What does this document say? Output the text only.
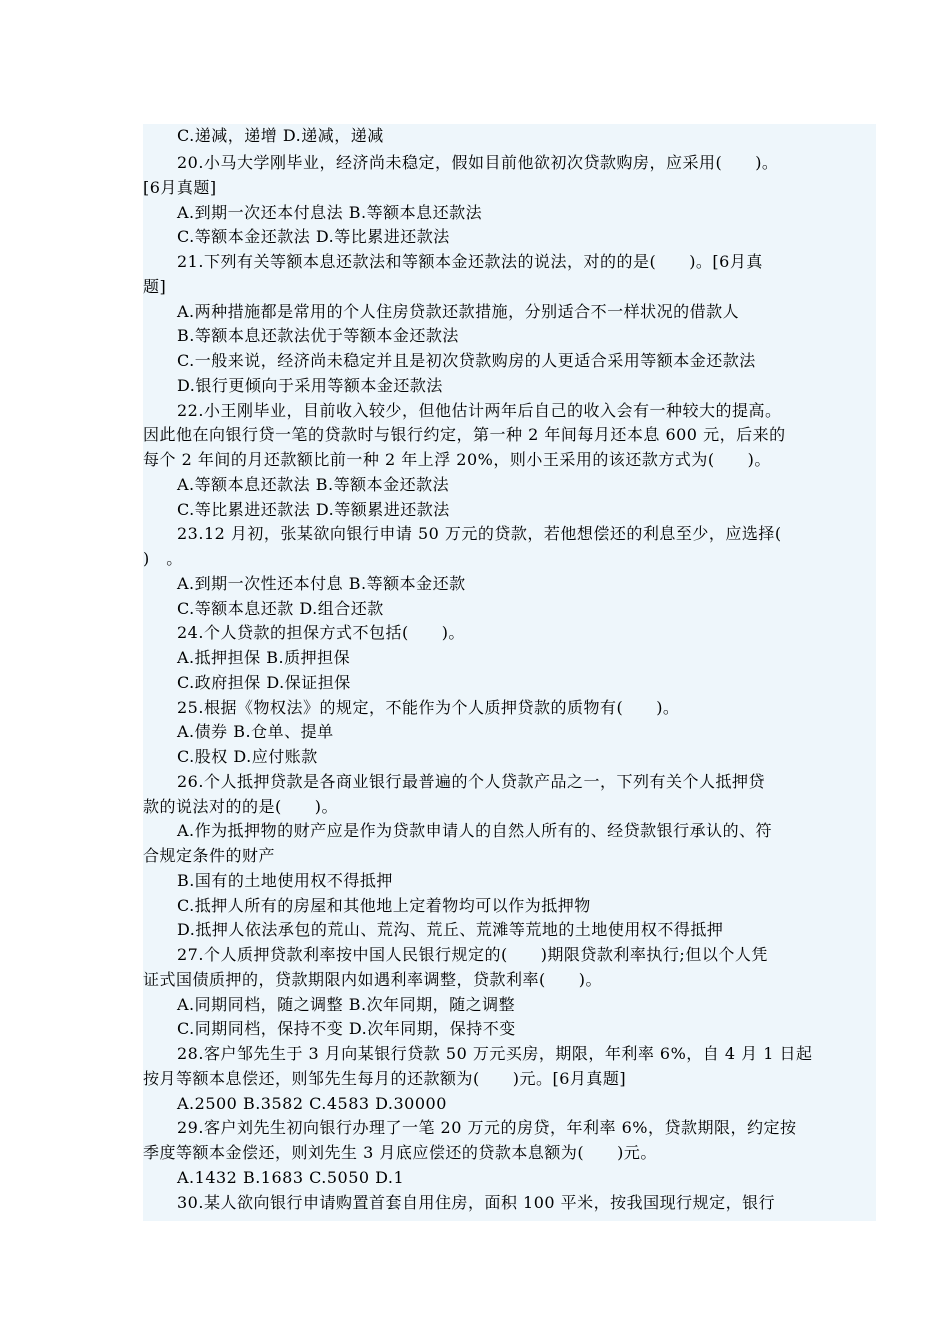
C.递减，递增 D.递减，递减
20.小马大学刚毕业，经济尚未稳定，假如目前他欲初次贷款购房，应采用(　　)。
[6月真题]
A.到期一次还本付息法 B.等额本息还款法
C.等额本金还款法 D.等比累进还款法
21.下列有关等额本息还款法和等额本金还款法的说法，对的的是(　　)。[6月真
题]
A.两种措施都是常用的个人住房贷款还款措施，分别适合不一样状况的借款人
B.等额本息还款法优于等额本金还款法
C.一般来说，经济尚未稳定并且是初次贷款购房的人更适合采用等额本金还款法
D.银行更倾向于采用等额本金还款法
22.小王刚毕业，目前收入较少，但他估计两年后自己的收入会有一种较大的提高。
因此他在向银行贷一笔的贷款时与银行约定，第一种 2 年间每月还本息 600 元，后来的
每个 2 年间的月还款额比前一种 2 年上浮 20%，则小王采用的该还款方式为(　　)。
A.等额本息还款法 B.等额本金还款法
C.等比累进还款法 D.等额累进还款法
23.12 月初，张某欲向银行申请 50 万元的贷款，若他想偿还的利息至少，应选择(
)　。
A.到期一次性还本付息 B.等额本金还款
C.等额本息还款 D.组合还款
24.个人贷款的担保方式不包括(　　)。
A.抵押担保 B.质押担保
C.政府担保 D.保证担保
25.根据《物权法》的规定，不能作为个人质押贷款的质物有(　　)。
A.债券 B.仓单、提单
C.股权 D.应付账款
26.个人抵押贷款是各商业银行最普遍的个人贷款产品之一，下列有关个人抵押贷
款的说法对的的是(　　)。
A.作为抵押物的财产应是作为贷款申请人的自然人所有的、经贷款银行承认的、符
合规定条件的财产
B.国有的土地使用权不得抵押
C.抵押人所有的房屋和其他地上定着物均可以作为抵押物
D.抵押人依法承包的荒山、荒沟、荒丘、荒滩等荒地的土地使用权不得抵押
27.个人质押贷款利率按中国人民银行规定的(　　)期限贷款利率执行;但以个人凭
证式国债质押的，贷款期限内如遇利率调整，贷款利率(　　)。
A.同期同档，随之调整 B.次年同期，随之调整
C.同期同档，保持不变 D.次年同期，保持不变
28.客户邹先生于 3 月向某银行贷款 50 万元买房，期限，年利率 6%，自 4 月 1 日起
按月等额本息偿还，则邹先生每月的还款额为(　　)元。[6月真题]
A.2500 B.3582 C.4583 D.30000
29.客户刘先生初向银行办理了一笔 20 万元的房贷，年利率 6%，贷款期限，约定按
季度等额本金偿还，则刘先生 3 月底应偿还的贷款本息额为(　　)元。
A.1432 B.1683 C.5050 D.1
30.某人欲向银行申请购置首套自用住房，面积 100 平米，按我国现行规定，银行
